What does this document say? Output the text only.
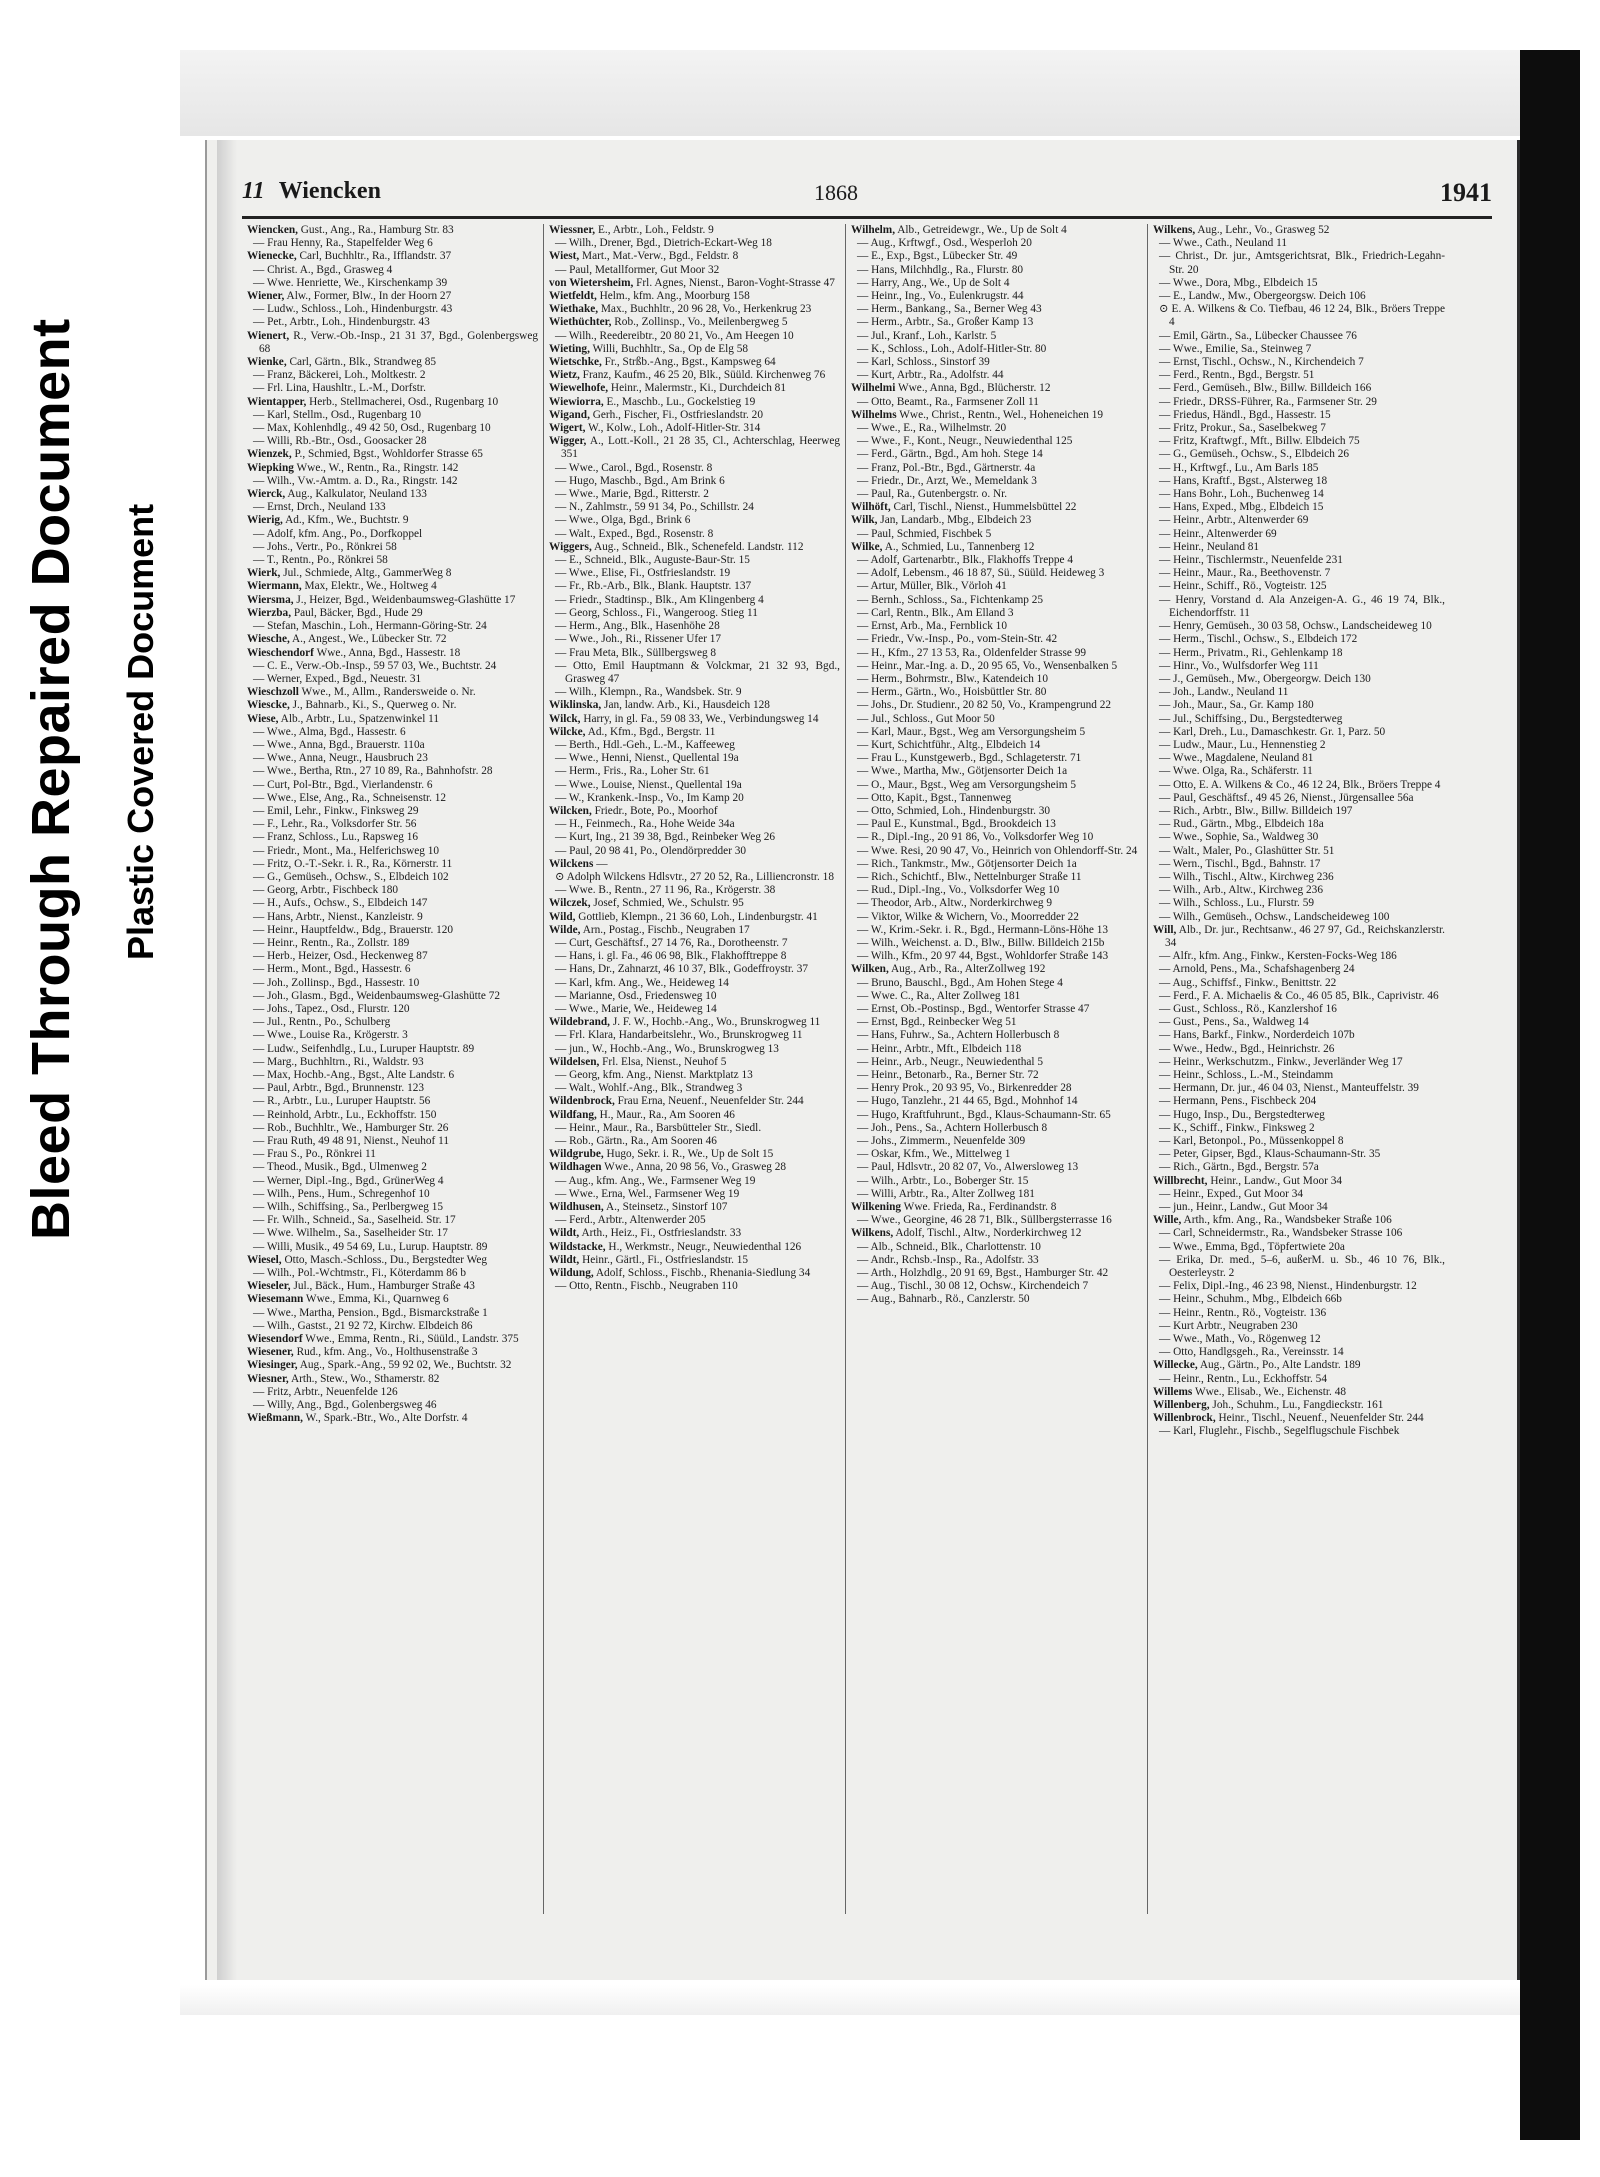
Bleed Through Repaired Document Plastic Covered Document
11 Wiencken	1868	1941
Wiencken, Gust., Ang., Ra., Hamburg Str. 83
— Frau Henny, Ra., Stapelfelder Weg 6
Wienecke, Carl, Buchhltr., Ra., Ifflandstr. 37
— Christ. A., Bgd., Grasweg 4
— Wwe. Henriette, We., Kirschenkamp 39
Wiener, Alw., Former, Blw., In der Hoorn 27
— Ludw., Schloss., Loh., Hindenburgstr. 43
— Pet., Arbtr., Loh., Hindenburgstr. 43
Wienert, R., Verw.-Ob.-Insp., 21 31 37, Bgd., Golenbergsweg 68
Wienke, Carl, Gärtn., Blk., Strandweg 85
— Franz, Bäckerei, Loh., Moltkestr. 2
— Frl. Lina, Haushltr., L.-M., Dorfstr.
Wientapper, Herb., Stellmacherei, Osd., Rugenbarg 10
— Karl, Stellm., Osd., Rugenbarg 10
— Max, Kohlenhdlg., 49 42 50, Osd., Rugenbarg 10
— Willi, Rb.-Btr., Osd., Goosacker 28
Wienzek, P., Schmied, Bgst., Wohldorfer Strasse 65
Wiepking Wwe., W., Rentn., Ra., Ringstr. 142
— Wilh., Vw.-Amtm. a. D., Ra., Ringstr. 142
Wierck, Aug., Kalkulator, Neuland 133
— Ernst, Drch., Neuland 133
Wierig, Ad., Kfm., We., Buchtstr. 9
— Adolf, kfm. Ang., Po., Dorfkoppel
— Johs., Vertr., Po., Rönkrei 58
— T., Rentn., Po., Rönkrei 58
Wierk, Jul., Schmiede, Altg., GammerWeg 8
Wiermann, Max, Elektr., We., Holtweg 4
Wiersma, J., Heizer, Bgd., Weidenbaumsweg-Glashütte 17
Wierzba, Paul, Bäcker, Bgd., Hude 29
— Stefan, Maschin., Loh., Hermann-Göring-Str. 24
Wiesche, A., Angest., We., Lübecker Str. 72
Wieschendorf Wwe., Anna, Bgd., Hassestr. 18
— C. E., Verw.-Ob.-Insp., 59 57 03, We., Buchtstr. 24
— Werner, Exped., Bgd., Neuestr. 31
Wieschzoll Wwe., M., Allm., Randersweide o. Nr.
Wiescke, J., Bahnarb., Ki., S., Querweg o. Nr.
Wiese, Alb., Arbtr., Lu., Spatzenwinkel 11
— Wwe., Alma, Bgd., Hassestr. 6
— Wwe., Anna, Bgd., Brauerstr. 110a
— Wwe., Anna, Neugr., Hausbruch 23
— Wwe., Bertha, Rtn., 27 10 89, Ra., Bahnhofstr. 28
— Curt, Pol-Btr., Bgd., Vierlandenstr. 6
— Wwe., Else, Ang., Ra., Schneisenstr. 12
— Emil, Lehr., Finkw., Finksweg 29
— F., Lehr., Ra., Volksdorfer Str. 56
— Franz, Schloss., Lu., Rapsweg 16
— Friedr., Mont., Ma., Helferichsweg 10
— Fritz, O.-T.-Sekr. i. R., Ra., Körnerstr. 11
— G., Gemüseh., Ochsw., S., Elbdeich 102
— Georg, Arbtr., Fischbeck 180
— H., Aufs., Ochsw., S., Elbdeich 147
— Hans, Arbtr., Nienst., Kanzleistr. 9
— Heinr., Hauptfeldw., Bdg., Brauerstr. 120
— Heinr., Rentn., Ra., Zollstr. 189
— Herb., Heizer, Osd., Heckenweg 87
— Herm., Mont., Bgd., Hassestr. 6
— Joh., Zollinsp., Bgd., Hassestr. 10
— Joh., Glasm., Bgd., Weidenbaumsweg-Glashütte 72
— Johs., Tapez., Osd., Flurstr. 120
— Jul., Rentn., Po., Schulberg
— Wwe., Louise Ra., Krögerstr. 3
— Ludw., Seifenhdlg., Lu., Luruper Hauptstr. 89
— Marg., Buchhltrn., Ri., Waldstr. 93
— Max, Hochb.-Ang., Bgst., Alte Landstr. 6
— Paul, Arbtr., Bgd., Brunnenstr. 123
— R., Arbtr., Lu., Luruper Hauptstr. 56
— Reinhold, Arbtr., Lu., Eckhoffstr. 150
— Rob., Buchhltr., We., Hamburger Str. 26
— Frau Ruth, 49 48 91, Nienst., Neuhof 11
— Frau S., Po., Rönkrei 11
— Theod., Musik., Bgd., Ulmenweg 2
— Werner, Dipl.-Ing., Bgd., GrünerWeg 4
— Wilh., Pens., Hum., Schregenhof 10
— Wilh., Schiffsing., Sa., Perlbergweg 15
— Fr. Wilh., Schneid., Sa., Saselheid. Str. 17
— Wwe. Wilhelm., Sa., Saselheider Str. 17
— Willi, Musik., 49 54 69, Lu., Lurup. Hauptstr. 89
Wiesel, Otto, Masch.-Schloss., Du., Bergstedter Weg
— Wilh., Pol.-Wchtmstr., Fi., Köterdamm 86 b
Wieseler, Jul., Bäck., Hum., Hamburger Straße 43
Wiesemann Wwe., Emma, Ki., Quarnweg 6
— Wwe., Martha, Pension., Bgd., Bismarckstraße 1
— Wilh., Gastst., 21 92 72, Kirchw. Elbdeich 86
Wiesendorf Wwe., Emma, Rentn., Ri., Süüld., Landstr. 375
Wiesener, Rud., kfm. Ang., Vo., Holthusenstraße 3
Wiesinger, Aug., Spark.-Ang., 59 92 02, We., Buchtstr. 32
Wiesner, Arth., Stew., Wo., Sthamerstr. 82
— Fritz, Arbtr., Neuenfelde 126
— Willy, Ang., Bgd., Golenbergsweg 46
Wießmann, W., Spark.-Btr., Wo., Alte Dorfstr. 4
Wiessner, E., Arbtr., Loh., Feldstr. 9
— Wilh., Drener, Bgd., Dietrich-Eckart-Weg 18
Wiest, Mart., Mat.-Verw., Bgd., Feldstr. 8
— Paul, Metallformer, Gut Moor 32
von Wietersheim, Frl. Agnes, Nienst., Baron-Voght-Strasse 47
Wietfeldt, Helm., kfm. Ang., Moorburg 158
Wiethake, Max., Buchhltr., 20 96 28, Vo., Herkenkrug 23
Wiethüchter, Rob., Zollinsp., Vo., Meilenbergweg 5
— Wilh., Reedereibtr., 20 80 21, Vo., Am Heegen 10
Wieting, Willi, Buchhltr., Sa., Op de Elg 58
Wietschke, Fr., Strßb.-Ang., Bgst., Kampsweg 64
Wietz, Franz, Kaufm., 46 25 20, Blk., Süüld. Kirchenweg 76
Wiewelhofe, Heinr., Malermstr., Ki., Durchdeich 81
Wiewiorra, E., Maschb., Lu., Gockelstieg 19
Wigand, Gerh., Fischer, Fi., Ostfrieslandstr. 20
Wigert, W., Kolw., Loh., Adolf-Hitler-Str. 314
Wigger, A., Lott.-Koll., 21 28 35, Cl., Achterschlag, Heerweg 351
— Wwe., Carol., Bgd., Rosenstr. 8
— Hugo, Maschb., Bgd., Am Brink 6
— Wwe., Marie, Bgd., Ritterstr. 2
— N., Zahlmstr., 59 91 34, Po., Schillstr. 24
— Wwe., Olga, Bgd., Brink 6
— Walt., Exped., Bgd., Rosenstr. 8
Wiggers, Aug., Schneid., Blk., Schenefeld. Landstr. 112
— E., Schneid., Blk., Auguste-Baur-Str. 15
— Wwe., Elise, Fi., Ostfrieslandstr. 19
— Fr., Rb.-Arb., Blk., Blank. Hauptstr. 137
— Friedr., Stadtinsp., Blk., Am Klingenberg 4
— Georg, Schloss., Fi., Wangeroog. Stieg 11
— Herm., Ang., Blk., Hasenhöhe 28
— Wwe., Joh., Ri., Rissener Ufer 17
— Frau Meta, Blk., Süllbergsweg 8
— Otto, Emil Hauptmann & Volckmar, 21 32 93, Bgd., Grasweg 47
— Wilh., Klempn., Ra., Wandsbek. Str. 9
Wiklinska, Jan, landw. Arb., Ki., Hausdeich 128
Wilck, Harry, in gl. Fa., 59 08 33, We., Verbindungsweg 14
Wilcke, Ad., Kfm., Bgd., Bergstr. 11
— Berth., Hdl.-Geh., L.-M., Kaffeeweg
— Wwe., Henni, Nienst., Quellental 19a
— Herm., Fris., Ra., Loher Str. 61
— Wwe., Louise, Nienst., Quellental 19a
— W., Krankenk.-Insp., Vo., Im Kamp 20
Wilcken, Friedr., Bote, Po., Moorhof
— H., Feinmech., Ra., Hohe Weide 34a
— Kurt, Ing., 21 39 38, Bgd., Reinbeker Weg 26
— Paul, 20 98 41, Po., Olendörpredder 30
Wilckens —
⊙ Adolph Wilckens Hdlsvtr., 27 20 52, Ra., Lilliencronstr. 18
— Wwe. B., Rentn., 27 11 96, Ra., Krögerstr. 38
Wilczek, Josef, Schmied, We., Schulstr. 95
Wild, Gottlieb, Klempn., 21 36 60, Loh., Lindenburgstr. 41
Wilde, Arn., Postag., Fischb., Neugraben 17
— Curt, Geschäftsf., 27 14 76, Ra., Dorotheenstr. 7
— Hans, i. gl. Fa., 46 06 98, Blk., Flakhofftreppe 8
— Hans, Dr., Zahnarzt, 46 10 37, Blk., Godeffroystr. 37
— Karl, kfm. Ang., We., Heideweg 14
— Marianne, Osd., Friedensweg 10
— Wwe., Marie, We., Heideweg 14
Wildebrand, J. F. W., Hochb.-Ang., Wo., Brunskrogweg 11
— Frl. Klara, Handarbeitslehr., Wo., Brunskrogweg 11
— jun., W., Hochb.-Ang., Wo., Brunskrogweg 13
Wildelsen, Frl. Elsa, Nienst., Neuhof 5
— Georg, kfm. Ang., Nienst. Marktplatz 13
— Walt., Wohlf.-Ang., Blk., Strandweg 3
Wildenbrock, Frau Erna, Neuenf., Neuenfelder Str. 244
Wildfang, H., Maur., Ra., Am Sooren 46
— Heinr., Maur., Ra., Barsbütteler Str., Siedl.
— Rob., Gärtn., Ra., Am Sooren 46
Wildgrube, Hugo, Sekr. i. R., We., Up de Solt 15
Wildhagen Wwe., Anna, 20 98 56, Vo., Grasweg 28
— Aug., kfm. Ang., We., Farmsener Weg 19
— Wwe., Erna, Wel., Farmsener Weg 19
Wildhusen, A., Steinsetz., Sinstorf 107
— Ferd., Arbtr., Altenwerder 205
Wildt, Arth., Heiz., Fi., Ostfrieslandstr. 33
Wildstacke, H., Werkmstr., Neugr., Neuwiedenthal 126
Wildt, Heinr., Gärtl., Fi., Ostfrieslandstr. 15
Wildung, Adolf, Schloss., Fischb., Rhenania-Siedlung 34
— Otto, Rentn., Fischb., Neugraben 110
Wilhelm, Alb., Getreidewgr., We., Up de Solt 4
— Aug., Krftwgf., Osd., Wesperloh 20
— E., Exp., Bgst., Lübecker Str. 49
— Hans, Milchhdlg., Ra., Flurstr. 80
— Harry, Ang., We., Up de Solt 4
— Heinr., Ing., Vo., Eulenkrugstr. 44
— Herm., Bankang., Sa., Berner Weg 43
— Herm., Arbtr., Sa., Großer Kamp 13
— Jul., Kranf., Loh., Karlstr. 5
— K., Schloss., Loh., Adolf-Hitler-Str. 80
— Karl, Schloss., Sinstorf 39
— Kurt, Arbtr., Ra., Adolfstr. 44
Wilhelmi Wwe., Anna, Bgd., Blücherstr. 12
— Otto, Beamt., Ra., Farmsener Zoll 11
Wilhelms Wwe., Christ., Rentn., Wel., Hoheneichen 19
— Wwe., E., Ra., Wilhelmstr. 20
— Wwe., F., Kont., Neugr., Neuwiedenthal 125
— Ferd., Gärtn., Bgd., Am hoh. Stege 14
— Franz, Pol.-Btr., Bgd., Gärtnerstr. 4a
— Friedr., Dr., Arzt, We., Memeldank 3
— Paul, Ra., Gutenbergstr. o. Nr.
Wilhöft, Carl, Tischl., Nienst., Hummelsbüttel 22
Wilk, Jan, Landarb., Mbg., Elbdeich 23
— Paul, Schmied, Fischbek 5
Wilke, A., Schmied, Lu., Tannenberg 12
— Adolf, Gartenarbtr., Blk., Flakhoffs Treppe 4
— Adolf, Lebensm., 46 18 87, Sü., Süüld. Heideweg 3
— Artur, Müller, Blk., Vörloh 41
— Bernh., Schloss., Sa., Fichtenkamp 25
— Carl, Rentn., Blk., Am Elland 3
— Ernst, Arb., Ma., Fernblick 10
— Friedr., Vw.-Insp., Po., vom-Stein-Str. 42
— H., Kfm., 27 13 53, Ra., Oldenfelder Strasse 99
— Heinr., Mar.-Ing. a. D., 20 95 65, Vo., Wensenbalken 5
— Herm., Bohrmstr., Blw., Katendeich 10
— Herm., Gärtn., Wo., Hoisbüttler Str. 80
— Johs., Dr. Studienr., 20 82 50, Vo., Krampengrund 22
— Jul., Schloss., Gut Moor 50
— Karl, Maur., Bgst., Weg am Versorgungsheim 5
— Kurt, Schichtführ., Altg., Elbdeich 14
— Frau L., Kunstgewerb., Bgd., Schlageterstr. 71
— Wwe., Martha, Mw., Götjensorter Deich 1a
— O., Maur., Bgst., Weg am Versorgungsheim 5
— Otto, Kapit., Bgst., Tannenweg
— Otto, Schmied, Loh., Hindenburgstr. 30
— Paul E., Kunstmal., Bgd., Brookdeich 13
— R., Dipl.-Ing., 20 91 86, Vo., Volksdorfer Weg 10
— Wwe. Resi, 20 90 47, Vo., Heinrich von Ohlendorff-Str. 24
— Rich., Tankmstr., Mw., Götjensorter Deich 1a
— Rich., Schichtf., Blw., Nettelnburger Straße 11
— Rud., Dipl.-Ing., Vo., Volksdorfer Weg 10
— Theodor, Arb., Altw., Norderkirchweg 9
— Viktor, Wilke & Wichern, Vo., Moorredder 22
— W., Krim.-Sekr. i. R., Bgd., Hermann-Löns-Höhe 13
— Wilh., Weichenst. a. D., Blw., Billw. Billdeich 215b
— Wilh., Kfm., 20 97 44, Bgst., Wohldorfer Straße 143
Wilken, Aug., Arb., Ra., AlterZollweg 192
— Bruno, Bauschl., Bgd., Am Hohen Stege 4
— Wwe. C., Ra., Alter Zollweg 181
— Ernst, Ob.-Postinsp., Bgd., Wentorfer Strasse 47
— Ernst, Bgd., Reinbecker Weg 51
— Hans, Fuhrw., Sa., Achtern Hollerbusch 8
— Heinr., Arbtr., Mft., Elbdeich 118
— Heinr., Arb., Neugr., Neuwiedenthal 5
— Heinr., Betonarb., Ra., Berner Str. 72
— Henry Prok., 20 93 95, Vo., Birkenredder 28
— Hugo, Tanzlehr., 21 44 65, Bgd., Mohnhof 14
— Hugo, Kraftfuhrunt., Bgd., Klaus-Schaumann-Str. 65
— Joh., Pens., Sa., Achtern Hollerbusch 8
— Johs., Zimmerm., Neuenfelde 309
— Oskar, Kfm., We., Mittelweg 1
— Paul, Hdlsvtr., 20 82 07, Vo., Alwersloweg 13
— Wilh., Arbtr., Lo., Boberger Str. 15
— Willi, Arbtr., Ra., Alter Zollweg 181
Wilkening Wwe. Frieda, Ra., Ferdinandstr. 8
— Wwe., Georgine, 46 28 71, Blk., Süllbergsterrasse 16
Wilkens, Adolf, Tischl., Altw., Norderkirchweg 12
— Alb., Schneid., Blk., Charlottenstr. 10
— Andr., Rchsb.-Insp., Ra., Adolfstr. 33
— Arth., Holzhdlg., 20 91 69, Bgst., Hamburger Str. 42
— Aug., Tischl., 30 08 12, Ochsw., Kirchendeich 7
— Aug., Bahnarb., Rö., Canzlerstr. 50
Wilkens, Aug., Lehr., Vo., Grasweg 52
— Wwe., Cath., Neuland 11
— Christ., Dr. jur., Amtsgerichtsrat, Blk., Friedrich-Legahn-Str. 20
— Wwe., Dora, Mbg., Elbdeich 15
— E., Landw., Mw., Obergeorgsw. Deich 106
⊙ E. A. Wilkens & Co. Tiefbau, 46 12 24, Blk., Bröers Treppe 4
— Emil, Gärtn., Sa., Lübecker Chaussee 76
— Wwe., Emilie, Sa., Steinweg 7
— Ernst, Tischl., Ochsw., N., Kirchendeich 7
— Ferd., Rentn., Bgd., Bergstr. 51
— Ferd., Gemüseh., Blw., Billw. Billdeich 166
— Friedr., DRSS-Führer, Ra., Farmsener Str. 29
— Friedus, Händl., Bgd., Hassestr. 15
— Fritz, Prokur., Sa., Saselbekweg 7
— Fritz, Kraftwgf., Mft., Billw. Elbdeich 75
— G., Gemüseh., Ochsw., S., Elbdeich 26
— H., Krftwgf., Lu., Am Barls 185
— Hans, Kraftf., Bgst., Alsterweg 18
— Hans Bohr., Loh., Buchenweg 14
— Hans, Exped., Mbg., Elbdeich 15
— Heinr., Arbtr., Altenwerder 69
— Heinr., Altenwerder 69
— Heinr., Neuland 81
— Heinr., Tischlermstr., Neuenfelde 231
— Heinr., Maur., Ra., Beethovenstr. 7
— Heinr., Schiff., Rö., Vogteistr. 125
— Henry, Vorstand d. Ala Anzeigen-A. G., 46 19 74, Blk., Eichendorffstr. 11
— Henry, Gemüseh., 30 03 58, Ochsw., Landscheideweg 10
— Herm., Tischl., Ochsw., S., Elbdeich 172
— Herm., Privatm., Ri., Gehlenkamp 18
— Hinr., Vo., Wulfsdorfer Weg 111
— J., Gemüseh., Mw., Obergeorgw. Deich 130
— Joh., Landw., Neuland 11
— Joh., Maur., Sa., Gr. Kamp 180
— Jul., Schiffsing., Du., Bergstedterweg
— Karl, Dreh., Lu., Damaschkestr. Gr. 1, Parz. 50
— Ludw., Maur., Lu., Hennenstieg 2
— Wwe., Magdalene, Neuland 81
— Wwe. Olga, Ra., Schäferstr. 11
— Otto, E. A. Wilkens & Co., 46 12 24, Blk., Bröers Treppe 4
— Paul, Geschäftsf., 49 45 26, Nienst., Jürgensallee 56a
— Rich., Arbtr., Blw., Billw. Billdeich 197
— Rud., Gärtn., Mbg., Elbdeich 18a
— Wwe., Sophie, Sa., Waldweg 30
— Walt., Maler, Po., Glashütter Str. 51
— Wern., Tischl., Bgd., Bahnstr. 17
— Wilh., Tischl., Altw., Kirchweg 236
— Wilh., Arb., Altw., Kirchweg 236
— Wilh., Schloss., Lu., Flurstr. 59
— Wilh., Gemüseh., Ochsw., Landscheideweg 100
Will, Alb., Dr. jur., Rechtsanw., 46 27 97, Gd., Reichskanzlerstr. 34
— Alfr., kfm. Ang., Finkw., Kersten-Focks-Weg 186
— Arnold, Pens., Ma., Schafshagenberg 24
— Aug., Schiffsf., Finkw., Benittstr. 22
— Ferd., F. A. Michaelis & Co., 46 05 85, Blk., Caprivistr. 46
— Gust., Schloss., Rö., Kanzlershof 16
— Gust., Pens., Sa., Waldweg 14
— Hans, Barkf., Finkw., Norderdeich 107b
— Wwe., Hedw., Bgd., Heinrichstr. 26
— Heinr., Werkschutzm., Finkw., Jeverländer Weg 17
— Heinr., Schloss., L.-M., Steindamm
— Hermann, Dr. jur., 46 04 03, Nienst., Manteuffelstr. 39
— Hermann, Pens., Fischbeck 204
— Hugo, Insp., Du., Bergstedterweg
— K., Schiff., Finkw., Finksweg 2
— Karl, Betonpol., Po., Müssenkoppel 8
— Peter, Gipser, Bgd., Klaus-Schaumann-Str. 35
— Rich., Gärtn., Bgd., Bergstr. 57a
Willbrecht, Heinr., Landw., Gut Moor 34
— Heinr., Exped., Gut Moor 34
— jun., Heinr., Landw., Gut Moor 34
Wille, Arth., kfm. Ang., Ra., Wandsbeker Straße 106
— Carl, Schneidermstr., Ra., Wandsbeker Strasse 106
— Wwe., Emma, Bgd., Töpfertwiete 20a
— Erika, Dr. med., 5–6, außerM. u. Sb., 46 10 76, Blk., Oesterleystr. 2
— Felix, Dipl.-Ing., 46 23 98, Nienst., Hindenburgstr. 12
— Heinr., Schuhm., Mbg., Elbdeich 66b
— Heinr., Rentn., Rö., Vogteistr. 136
— Kurt Arbtr., Neugraben 230
— Wwe., Math., Vo., Rögenweg 12
— Otto, Handlgsgeh., Ra., Vereinsstr. 14
Willecke, Aug., Gärtn., Po., Alte Landstr. 189
— Heinr., Rentn., Lu., Eckhoffstr. 54
Willems Wwe., Elisab., We., Eichenstr. 48
Willenberg, Joh., Schuhm., Lu., Fangdieckstr. 161
Willenbrock, Heinr., Tischl., Neuenf., Neuenfelder Str. 244
— Karl, Fluglehr., Fischb., Segelflugschule Fischbek
